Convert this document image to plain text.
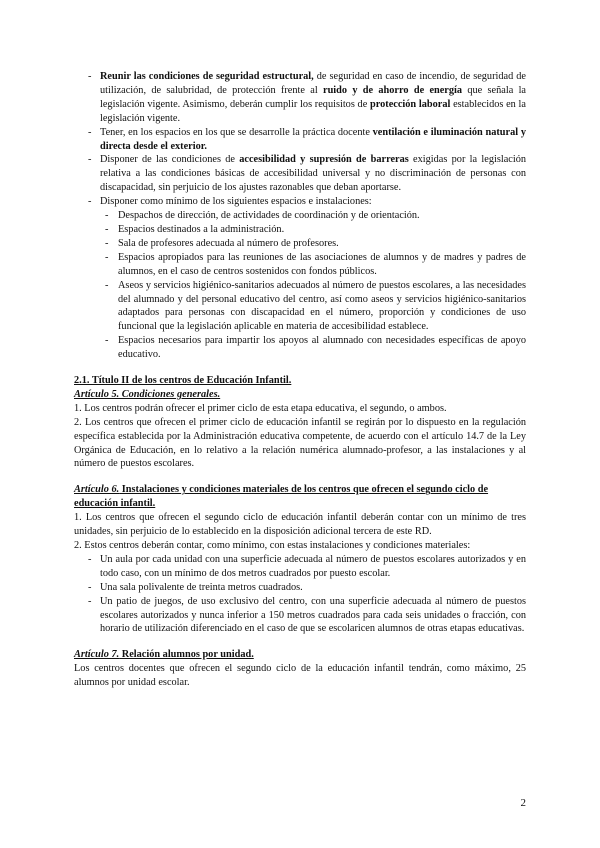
- Reunir las condiciones de seguridad estructural, de seguridad en caso de incendio, de seguridad de utilización, de salubridad, de protección frente al ruido y de ahorro de energía que señala la legislación vigente. Asimismo, deberán cumplir los requisitos de protección laboral establecidos en la legislación vigente.
- Tener, en los espacios en los que se desarrolle la práctica docente ventilación e iluminación natural y directa desde el exterior.
- Disponer de las condiciones de accesibilidad y supresión de barreras exigidas por la legislación relativa a las condiciones básicas de accesibilidad universal y no discriminación de personas con discapacidad, sin perjuicio de los ajustes razonables que deban aportarse.
- Disponer como mínimo de los siguientes espacios e instalaciones:
- Despachos de dirección, de actividades de coordinación y de orientación.
- Espacios destinados a la administración.
- Sala de profesores adecuada al número de profesores.
- Espacios apropiados para las reuniones de las asociaciones de alumnos y de madres y padres de alumnos, en el caso de centros sostenidos con fondos públicos.
- Aseos y servicios higiénico-sanitarios adecuados al número de puestos escolares, a las necesidades del alumnado y del personal educativo del centro, así como aseos y servicios higiénico-sanitarios adaptados para personas con discapacidad en el número, proporción y condiciones de uso funcional que la legislación aplicable en materia de accesibilidad establece.
- Espacios necesarios para impartir los apoyos al alumnado con necesidades específicas de apoyo educativo.
2.1. Título II de los centros de Educación Infantil.
Artículo 5. Condiciones generales.

1. Los centros podrán ofrecer el primer ciclo de esta etapa educativa, el segundo, o ambos.

2. Los centros que ofrecen el primer ciclo de educación infantil se regirán por lo dispuesto en la regulación específica establecida por la Administración educativa competente, de acuerdo con el artículo 14.7 de la Ley Orgánica de Educación, en lo relativo a la relación numérica alumnado-profesor, a las instalaciones y al número de puestos escolares.

Artículo 6. Instalaciones y condiciones materiales de los centros que ofrecen el segundo ciclo de educación infantil.

1. Los centros que ofrecen el segundo ciclo de educación infantil deberán contar con un mínimo de tres unidades, sin perjuicio de lo establecido en la disposición adicional tercera de este RD.

2. Estos centros deberán contar, como mínimo, con estas instalaciones y condiciones materiales:

- Un aula por cada unidad con una superficie adecuada al número de puestos escolares autorizados y en todo caso, con un mínimo de dos metros cuadrados por puesto escolar.
- Una sala polivalente de treinta metros cuadrados.
- Un patio de juegos, de uso exclusivo del centro, con una superficie adecuada al número de puestos escolares autorizados y nunca inferior a 150 metros cuadrados para cada seis unidades o fracción, con horario de utilización diferenciado en el caso de que se escolaricen alumnos de otras etapas educativas.
Artículo 7. Relación alumnos por unidad.

Los centros docentes que ofrecen el segundo ciclo de la educación infantil tendrán, como máximo, 25 alumnos por unidad escolar.

2
